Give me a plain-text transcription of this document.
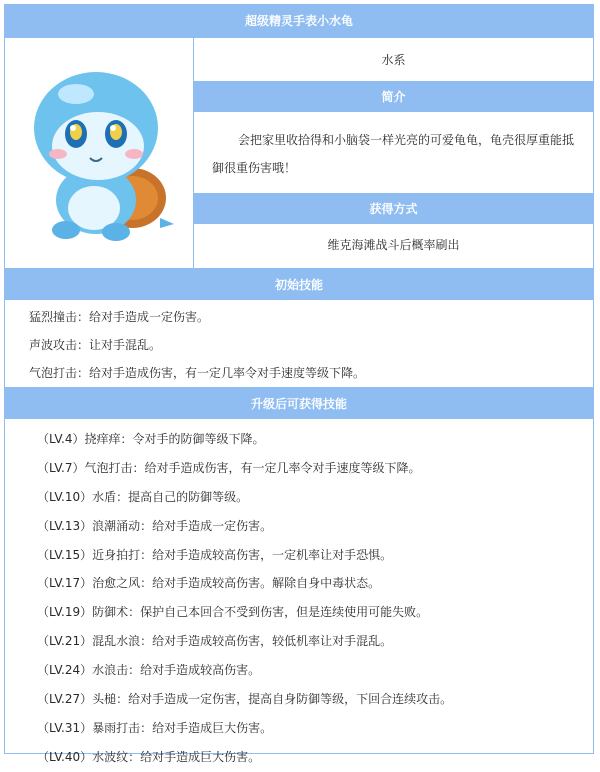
超级精灵手表小水龟
水系
简介
会把家里收拾得和小脑袋一样光亮的可爱龟龟，龟壳很厚重能抵御很重伤害哦！
获得方式
维克海滩战斗后概率刷出
初始技能
猛烈撞击：给对手造成一定伤害。
声波攻击：让对手混乱。
气泡打击：给对手造成伤害，有一定几率令对手速度等级下降。
升级后可获得技能
（LV.4）挠痒痒：令对手的防御等级下降。
（LV.7）气泡打击：给对手造成伤害，有一定几率令对手速度等级下降。
（LV.10）水盾：提高自己的防御等级。
（LV.13）浪潮涌动：给对手造成一定伤害。
（LV.15）近身拍打：给对手造成较高伤害，一定机率让对手恐惧。
（LV.17）治愈之风：给对手造成较高伤害。解除自身中毒状态。
（LV.19）防御术：保护自己本回合不受到伤害，但是连续使用可能失败。
（LV.21）混乱水浪：给对手造成较高伤害，较低机率让对手混乱。
（LV.24）水浪击：给对手造成较高伤害。
（LV.27）头槌：给对手造成一定伤害，提高自身防御等级，下回合连续攻击。
（LV.31）暴雨打击：给对手造成巨大伤害。
（LV.40）水波纹：给对手造成巨大伤害。
